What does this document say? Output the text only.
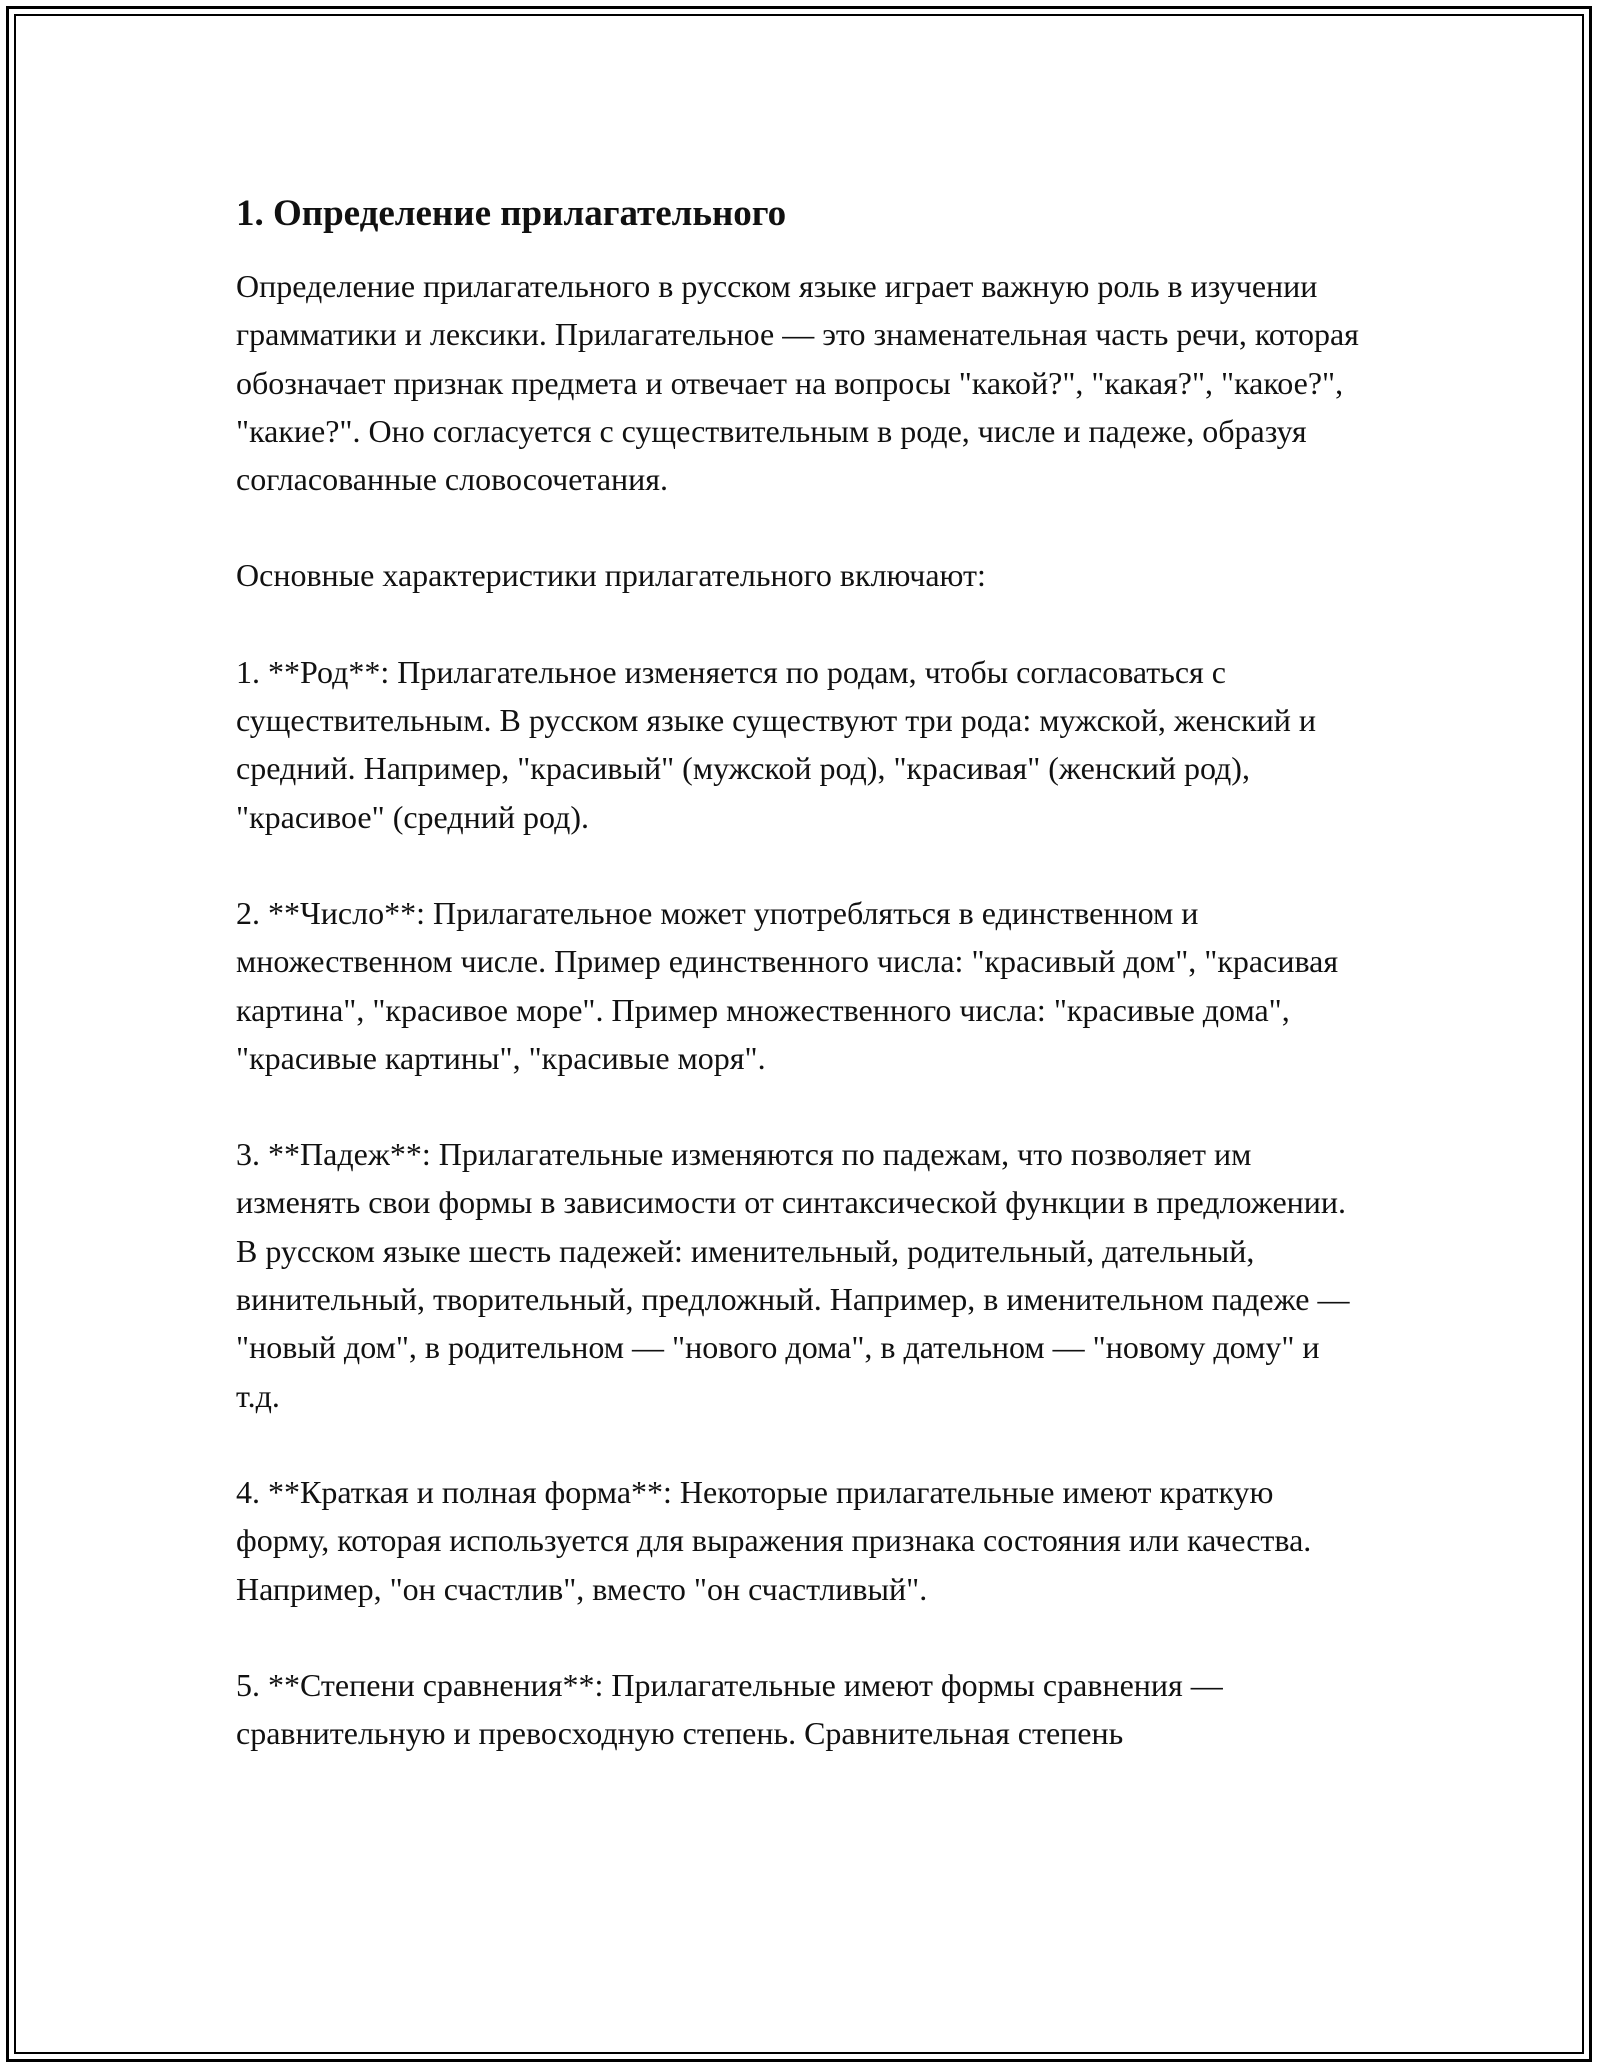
1. Определение прилагательного

Определение прилагательного в русском языке играет важную роль в изучении грамматики и лексики. Прилагательное — это знаменательная часть речи, которая обозначает признак предмета и отвечает на вопросы "какой?", "какая?", "какое?", "какие?". Оно согласуется с существительным в роде, числе и падеже, образуя согласованные словосочетания.

Основные характеристики прилагательного включают:

1. **Род**: Прилагательное изменяется по родам, чтобы согласоваться с существительным. В русском языке существуют три рода: мужской, женский и средний. Например, "красивый" (мужской род), "красивая" (женский род), "красивое" (средний род).

2. **Число**: Прилагательное может употребляться в единственном и множественном числе. Пример единственного числа: "красивый дом", "красивая картина", "красивое море". Пример множественного числа: "красивые дома", "красивые картины", "красивые моря".

3. **Падеж**: Прилагательные изменяются по падежам, что позволяет им изменять свои формы в зависимости от синтаксической функции в предложении. В русском языке шесть падежей: именительный, родительный, дательный, винительный, творительный, предложный. Например, в именительном падеже — "новый дом", в родительном — "нового дома", в дательном — "новому дому" и т.д.

4. **Краткая и полная форма**: Некоторые прилагательные имеют краткую форму, которая используется для выражения признака состояния или качества. Например, "он счастлив", вместо "он счастливый".

5. **Степени сравнения**: Прилагательные имеют формы сравнения — сравнительную и превосходную степень. Сравнительная степень
